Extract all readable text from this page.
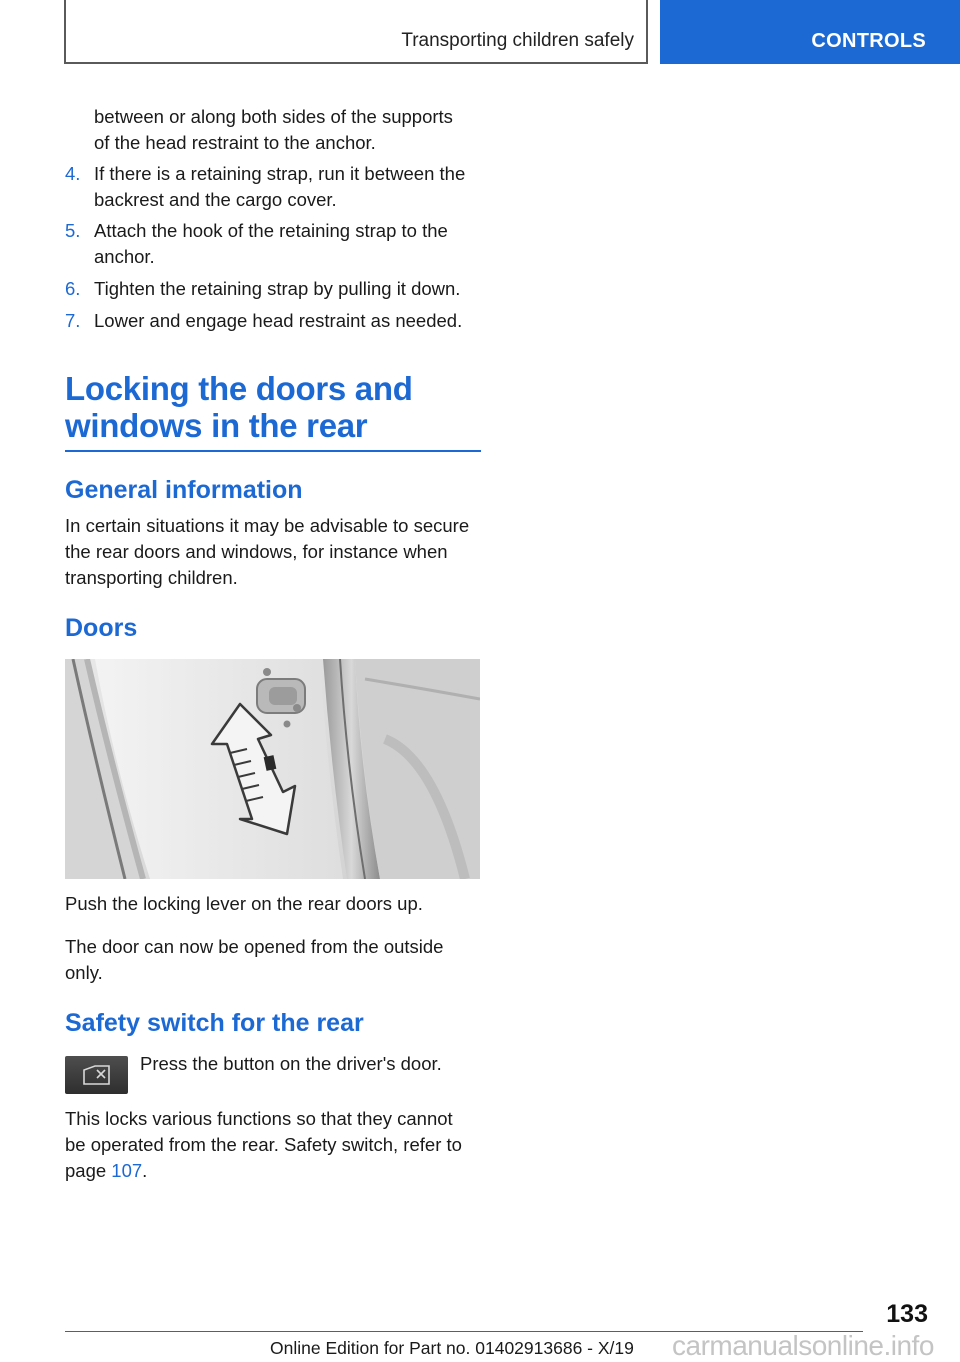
Transporting children safely	CONTROLS
between or along both sides of the supports
of the head restraint to the anchor.
4. If there is a retaining strap, run it between the
backrest and the cargo cover.
5. Attach the hook of the retaining strap to the
anchor.
6. Tighten the retaining strap by pulling it down.
7. Lower and engage head restraint as needed.
Locking the doors and
windows in the rear
General information

In certain situations it may be advisable to secure

the rear doors and windows, for instance when

transporting children.

Doors

Push the locking lever on the rear doors up.

The door can now be opened from the outside

only.

Safety switch for the rear

Press the button on the driver's door.

This locks various functions so that they cannot

be operated from the rear. Safety switch, refer to

page 107.

133
Online Edition for Part no. 01402913686 - X/19 carmanualsonline.info
